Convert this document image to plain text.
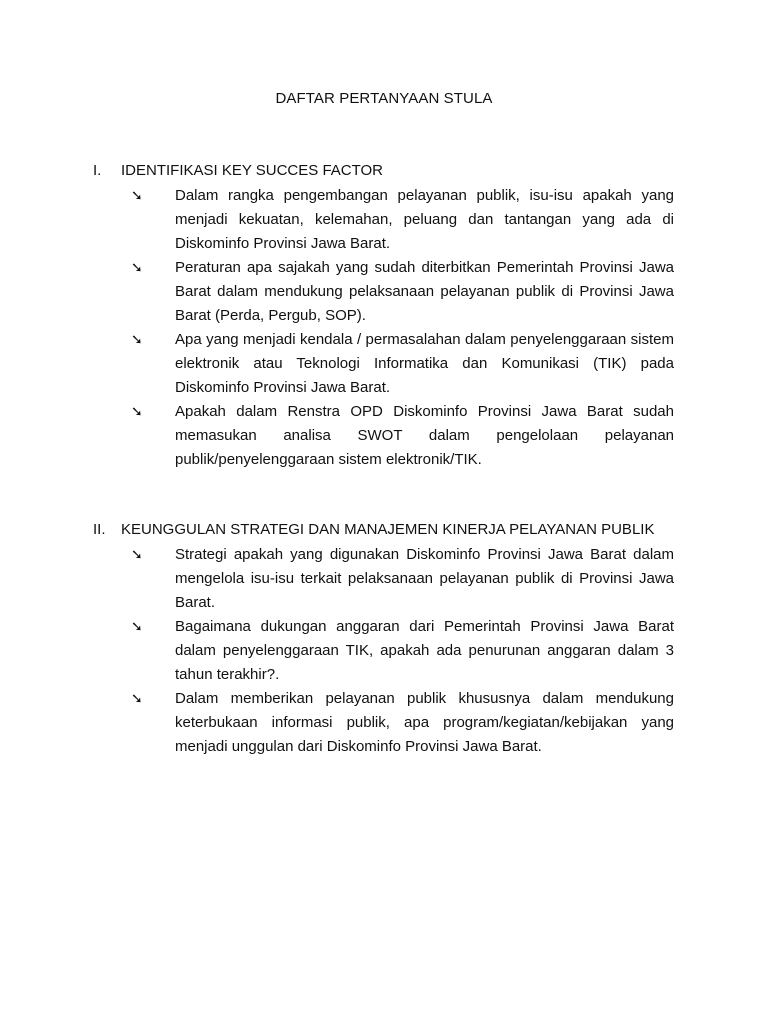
DAFTAR PERTANYAAN STULA
I.	IDENTIFIKASI KEY SUCCES FACTOR
➘	Dalam rangka pengembangan pelayanan publik, isu-isu apakah yang menjadi kekuatan, kelemahan, peluang dan tantangan yang ada di Diskominfo Provinsi Jawa Barat.
➘	Peraturan apa sajakah yang sudah diterbitkan Pemerintah Provinsi Jawa Barat dalam mendukung pelaksanaan pelayanan publik di Provinsi Jawa Barat (Perda, Pergub, SOP).
➘	Apa yang menjadi kendala / permasalahan dalam penyelenggaraan sistem elektronik atau Teknologi Informatika dan Komunikasi (TIK) pada Diskominfo Provinsi Jawa Barat.
➘	Apakah dalam Renstra OPD Diskominfo Provinsi Jawa Barat sudah memasukan analisa SWOT dalam pengelolaan pelayanan publik/penyelenggaraan sistem elektronik/TIK.
II.	KEUNGGULAN STRATEGI DAN MANAJEMEN KINERJA PELAYANAN PUBLIK
➘	Strategi apakah yang digunakan Diskominfo Provinsi Jawa Barat dalam mengelola isu-isu terkait pelaksanaan pelayanan publik di Provinsi Jawa Barat.
➘	Bagaimana dukungan anggaran dari Pemerintah Provinsi Jawa Barat dalam penyelenggaraan TIK, apakah ada penurunan anggaran dalam 3 tahun terakhir?.
➘	Dalam memberikan pelayanan publik khususnya dalam mendukung keterbukaan informasi publik, apa program/kegiatan/kebijakan yang menjadi unggulan dari Diskominfo Provinsi Jawa Barat.
